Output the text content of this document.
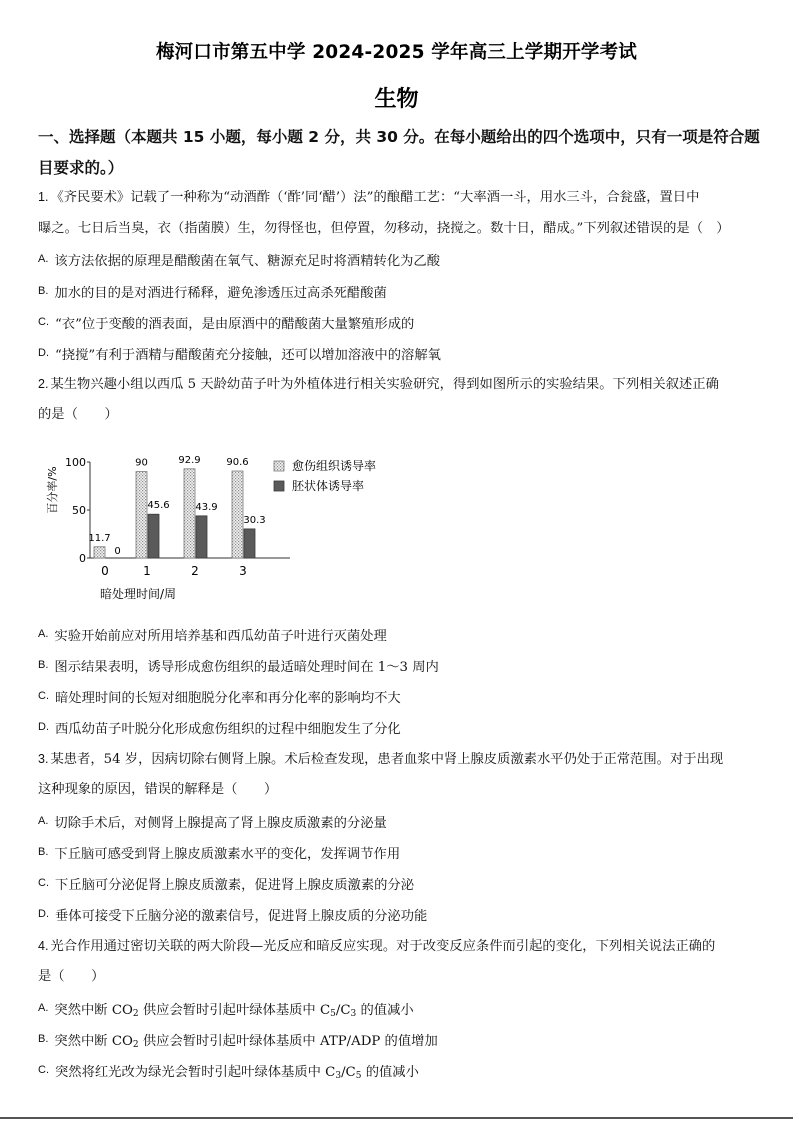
梅河口市第五中学 2024-2025 学年高三上学期开学考试
生物
一、选择题（本题共 15 小题，每小题 2 分，共 30 分。在每小题给出的四个选项中，只有一项是符合题
目要求的。）
1. 《齐民要术》记载了一种称为“动酒酢（‘酢’同‘醋’）法”的酿醋工艺：“大率酒一斗，用水三斗，合瓮盛，置日中
曝之。七日后当臭，衣（指菌膜）生，勿得怪也，但停置，勿移动，挠搅之。数十日，醋成。”下列叙述错误的是（　）
$^{A.}$ 该方法依据的原理是醋酸菌在氧气、糖源充足时将酒精转化为乙酸
$^{B.}$ 加水的目的是对酒进行稀释，避免渗透压过高杀死醋酸菌
$^{C.}$ “衣”位于变酸的酒表面，是由原酒中的醋酸菌大量繁殖形成的
$^{D.}$ “挠搅”有利于酒精与醋酸菌充分接触，还可以增加溶液中的溶解氧
2. 某生物兴趣小组以西瓜 5 天龄幼苗子叶为外植体进行相关实验研究，得到如图所示的实验结果。下列相关叙述正确
的是（　　）
百分率/%
暗处理时间/周
0
50
100
0	1	2	3
11.7
90	92.9	90.6
0
45.6	43.9
30.3
愈伤组织诱导率
胚状体诱导率
$^{A.}$ 实验开始前应对所用培养基和西瓜幼苗子叶进行灭菌处理
$^{B.}$ 图示结果表明，诱导形成愈伤组织的最适暗处理时间在 1～3 周内
$^{C.}$ 暗处理时间的长短对细胞脱分化率和再分化率的影响均不大
$^{D.}$ 西瓜幼苗子叶脱分化形成愈伤组织的过程中细胞发生了分化
3. 某患者，54 岁，因病切除右侧肾上腺。术后检查发现，患者血浆中肾上腺皮质激素水平仍处于正常范围。对于出现
这种现象的原因，错误的解释是（　　）
$^{A.}$ 切除手术后，对侧肾上腺提高了肾上腺皮质激素的分泌量
$^{B.}$ 下丘脑可感受到肾上腺皮质激素水平的变化，发挥调节作用
$^{C.}$ 下丘脑可分泌促肾上腺皮质激素，促进肾上腺皮质激素的分泌
$^{D.}$ 垂体可接受下丘脑分泌的激素信号，促进肾上腺皮质的分泌功能
4. 光合作用通过密切关联的两大阶段—光反应和暗反应实现。对于改变反应条件而引起的变化，下列相关说法正确的
是（　　）
$^{A.}$ 突然中断 $CO_2$ 供应会暂时引起叶绿体基质中 $C_5/C_3$ 的值减小
$^{B.}$ 突然中断 $CO_2$ 供应会暂时引起叶绿体基质中 ATP/ADP 的值增加
$^{C.}$ 突然将红光改为绿光会暂时引起叶绿体基质中 $C_3/C_5$ 的值减小
